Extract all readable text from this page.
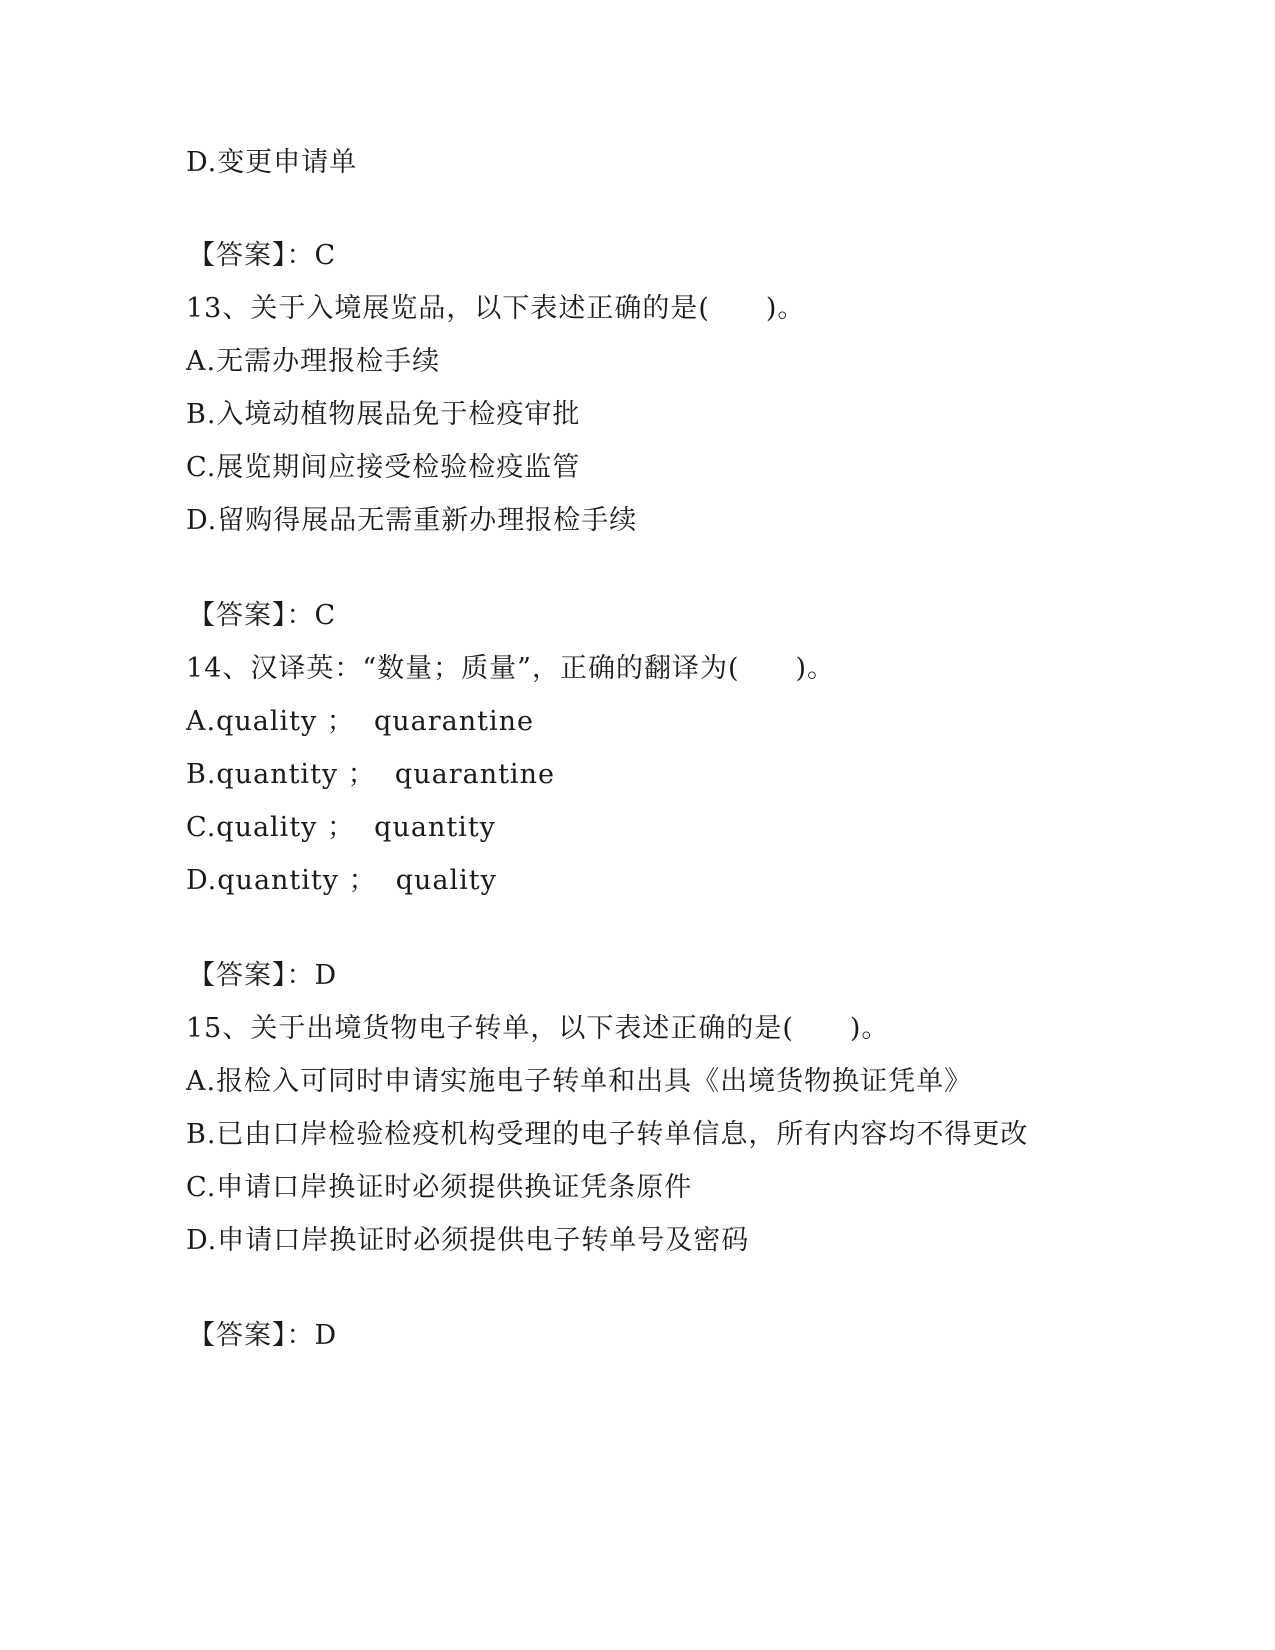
D.变更申请单
【答案】：C
13、关于入境展览品，以下表述正确的是(　　)。
A.无需办理报检手续
B.入境动植物展品免于检疫审批
C.展览期间应接受检验检疫监管
D.留购得展品无需重新办理报检手续
【答案】：C
14、汉译英：“数量；质量”，正确的翻译为(　　)。
A.quality ；  quarantine
B.quantity ；  quarantine
C.quality ；  quantity
D.quantity ；  quality
【答案】：D
15、关于出境货物电子转单，以下表述正确的是(　　)。
A.报检入可同时申请实施电子转单和出具《出境货物换证凭单》
B.已由口岸检验检疫机构受理的电子转单信息，所有内容均不得更改
C.申请口岸换证时必须提供换证凭条原件
D.申请口岸换证时必须提供电子转单号及密码
【答案】：D
